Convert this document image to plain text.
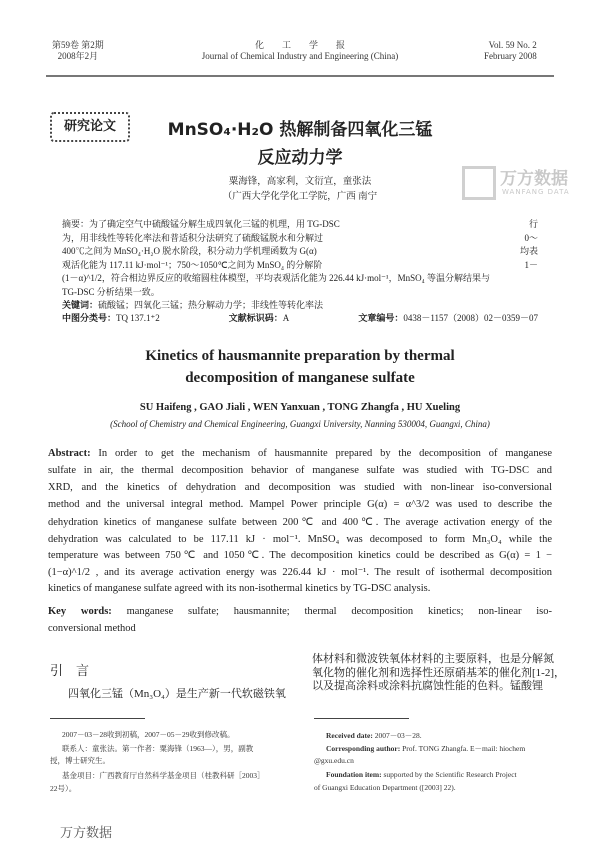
第59卷 第2期
2008年2月
化　　工　　学　　报
Journal of Chemical Industry and Engineering (China)
Vol. 59 No. 2
February 2008
研究论文	MnSO₄·H₂O 热解制备四氧化三锰
反应动力学
粟海锋，高家利，文衍宣，童张法
（广西大学化学化工学院，广西 南宁
万方数据
WANFANG DATA
摘要：为了确定空气中硫酸锰分解生成四氧化三锰的机理，用 TG-DSC	行
为，用非线性等转化率法和普适积分法研究了硫酸锰脱水和分解过	0～
400℃之间为 MnSO₄·H₂O 脱水阶段，积分动力学机理函数为 G(α)	均表
观活化能为 117.11 kJ·mol⁻¹；750～1050℃之间为 MnSO₄ 的分解阶	1－
(1－α)^1/2，符合相边界反应的收缩圆柱体模型，平均表观活化能为 226.44 kJ·mol⁻¹，MnSO₄ 等温分解结果与
TG-DSC 分析结果一致。
关键词：硫酸锰；四氧化三锰；热分解动力学；非线性等转化率法
中图分类号：TQ 137.1⁺2	文献标识码：A	文章编号：0438－1157（2008）02－0359－07
Kinetics of hausmannite preparation by thermal
decomposition of manganese sulfate
SU Haifeng , GAO Jiali , WEN Yanxuan , TONG Zhangfa , HU Xueling
(School of Chemistry and Chemical Engineering, Guangxi University, Nanning 530004, Guangxi, China)
Abstract: In order to get the mechanism of hausmannite prepared by the decomposition of manganese
sulfate in air, the thermal decomposition behavior of manganese sulfate was studied with TG-DSC and
XRD, and the kinetics of dehydration and decomposition was studied with non-linear iso-conversional
method and the universal integral method. Mampel Power principle G(α) = α^3/2 was used to describe the
dehydration kinetics of manganese sulfate between 200℃ and 400℃. The average activation energy of the
dehydration was calculated to be 117.11 kJ · mol⁻¹. MnSO₄ was decomposed to form Mn₃O₄ while the
temperature was between 750℃ and 1050℃. The decomposition kinetics could be described as G(α) = 1 −
(1−α)^1/2 , and its average activation energy was 226.44 kJ · mol⁻¹. The result of isothermal decomposition
kinetics of manganese sulfate agreed with its non-isothermal kinetics by TG-DSC analysis.
Key words: manganese sulfate; hausmannite; thermal decomposition kinetics; non-linear iso-
conversional method
引　言
四氧化三锰（Mn₃O₄）是生产新一代软磁铁氧
体材料和微波铁氧体材料的主要原料，也是分解氮
氧化物的催化剂和选择性还原硝基苯的催化剂[1-2]，
以及提高涂料或涂料抗腐蚀性能的色料。锰酸锂
2007－03－28收到初稿，2007－05－29收到修改稿。
联系人：童张法。第一作者：粟海锋（1963—），男，副教
授，博士研究生。
基金项目：广西教育厅自然科学基金项目（桂教科研［2003］
22号）。
Received date: 2007－03－28.
Corresponding author: Prof. TONG Zhangfa. E－mail: hiochem
@gxu.edu.cn
Foundation item: supported by the Scientific Research Project
of Guangxi Education Department ([2003] 22).
万方数据
